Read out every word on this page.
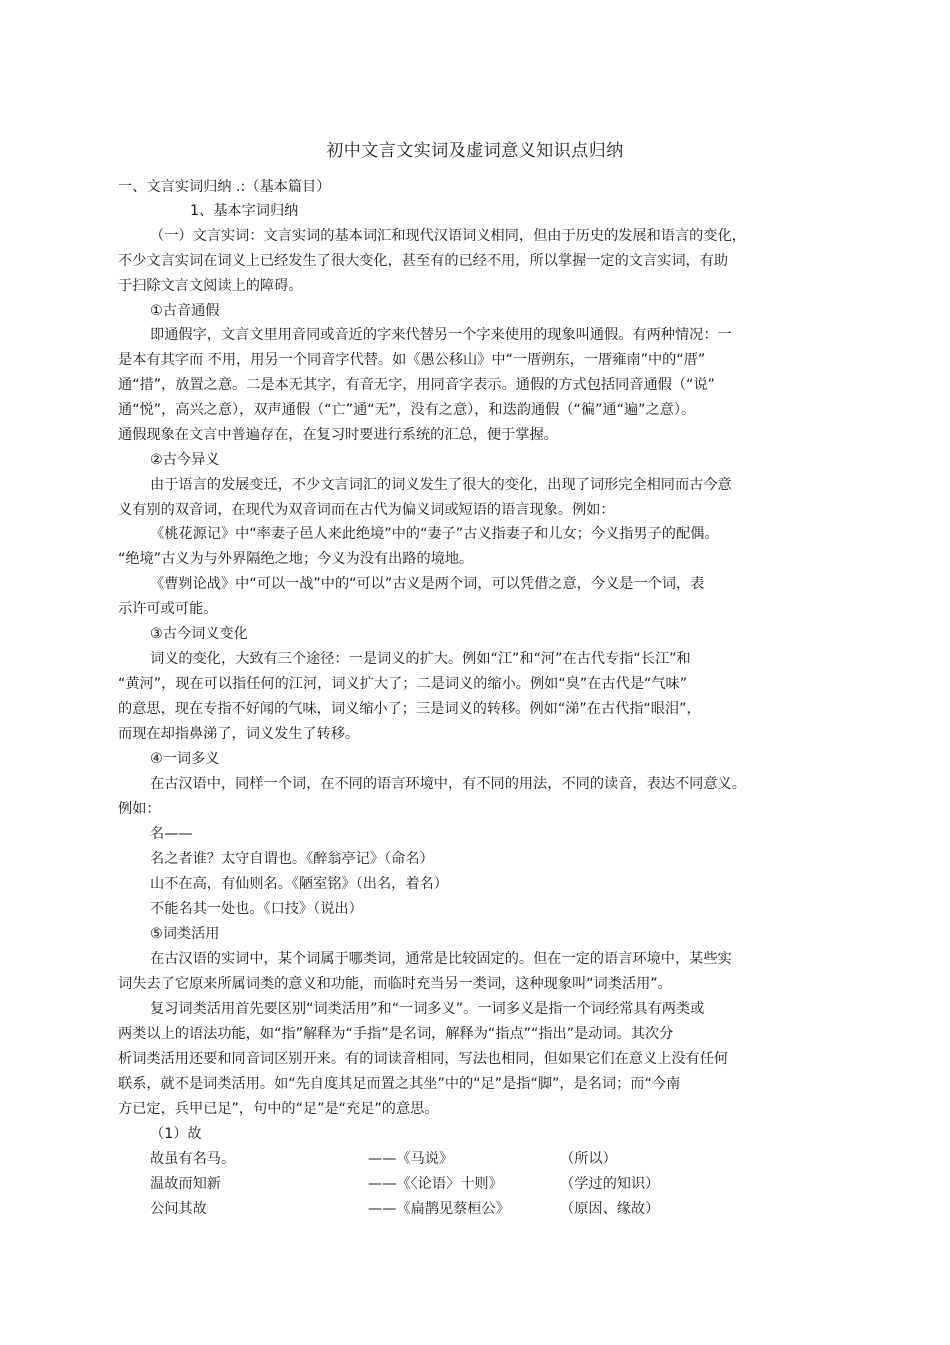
初中文言文实词及虚词意义知识点归纳
一、文言实词归纳 .:（基本篇目）
1、基本字词归纳
（一）文言实词：文言实词的基本词汇和现代汉语词义相同，但由于历史的发展和语言的变化，
不少文言实词在词义上已经发生了很大变化，甚至有的已经不用，所以掌握一定的文言实词，有助
于扫除文言文阅读上的障碍。
①古音通假
即通假字，文言文里用音同或音近的字来代替另一个字来使用的现象叫通假。有两种情况：一
是本有其字而 不用，用另一个同音字代替。如《愚公移山》中“一厝朔东，一厝雍南”中的“厝”
通“措”，放置之意。二是本无其字，有音无字，用同音字表示。通假的方式包括同音通假（“说”
通“悦”，高兴之意），双声通假（“亡”通“无”，没有之意），和迭韵通假（“徧”通“遍”之意）。
通假现象在文言中普遍存在，在复习时要进行系统的汇总，便于掌握。
②古今异义
由于语言的发展变迁，不少文言词汇的词义发生了很大的变化，出现了词形完全相同而古今意
义有别的双音词，在现代为双音词而在古代为偏义词或短语的语言现象。例如：
《桃花源记》中“率妻子邑人来此绝境”中的“妻子”古义指妻子和儿女；今义指男子的配偶。
“绝境”古义为与外界隔绝之地；今义为没有出路的境地。
《曹刿论战》中“可以一战”中的“可以”古义是两个词，可以凭借之意，今义是一个词，表
示许可或可能。
③古今词义变化
词义的变化，大致有三个途径：一是词义的扩大。例如“江”和“河”在古代专指“长江”和
“黄河”，现在可以指任何的江河，词义扩大了；二是词义的缩小。例如“臭”在古代是“气味”
的意思，现在专指不好闻的气味，词义缩小了；三是词义的转移。例如“涕”在古代指“眼泪”，
而现在却指鼻涕了，词义发生了转移。
④一词多义
在古汉语中，同样一个词，在不同的语言环境中，有不同的用法，不同的读音，表达不同意义。
例如：
名——
名之者谁？太守自谓也。《醉翁亭记》（命名）
山不在高，有仙则名。《陋室铭》（出名，着名）
不能名其一处也。《口技》（说出）
⑤词类活用
在古汉语的实词中，某个词属于哪类词，通常是比较固定的。但在一定的语言环境中，某些实
词失去了它原来所属词类的意义和功能，而临时充当另一类词，这种现象叫“词类活用”。
复习词类活用首先要区别“词类活用”和“一词多义”。一词多义是指一个词经常具有两类或
两类以上的语法功能，如“指”解释为“手指”是名词，解释为“指点”“指出”是动词。其次分
析词类活用还要和同音词区别开来。有的词读音相同，写法也相同，但如果它们在意义上没有任何
联系，就不是词类活用。如“先自度其足而置之其坐”中的“足”是指“脚”，是名词；而“今南
方已定，兵甲已足”，句中的“足”是“充足”的意思。
（1）故
故虽有名马。	——《马说》	（所以）
温故而知新	——《〈论语〉十则》	（学过的知识）
公问其故	——《扁鹊见蔡桓公》	（原因、缘故）
